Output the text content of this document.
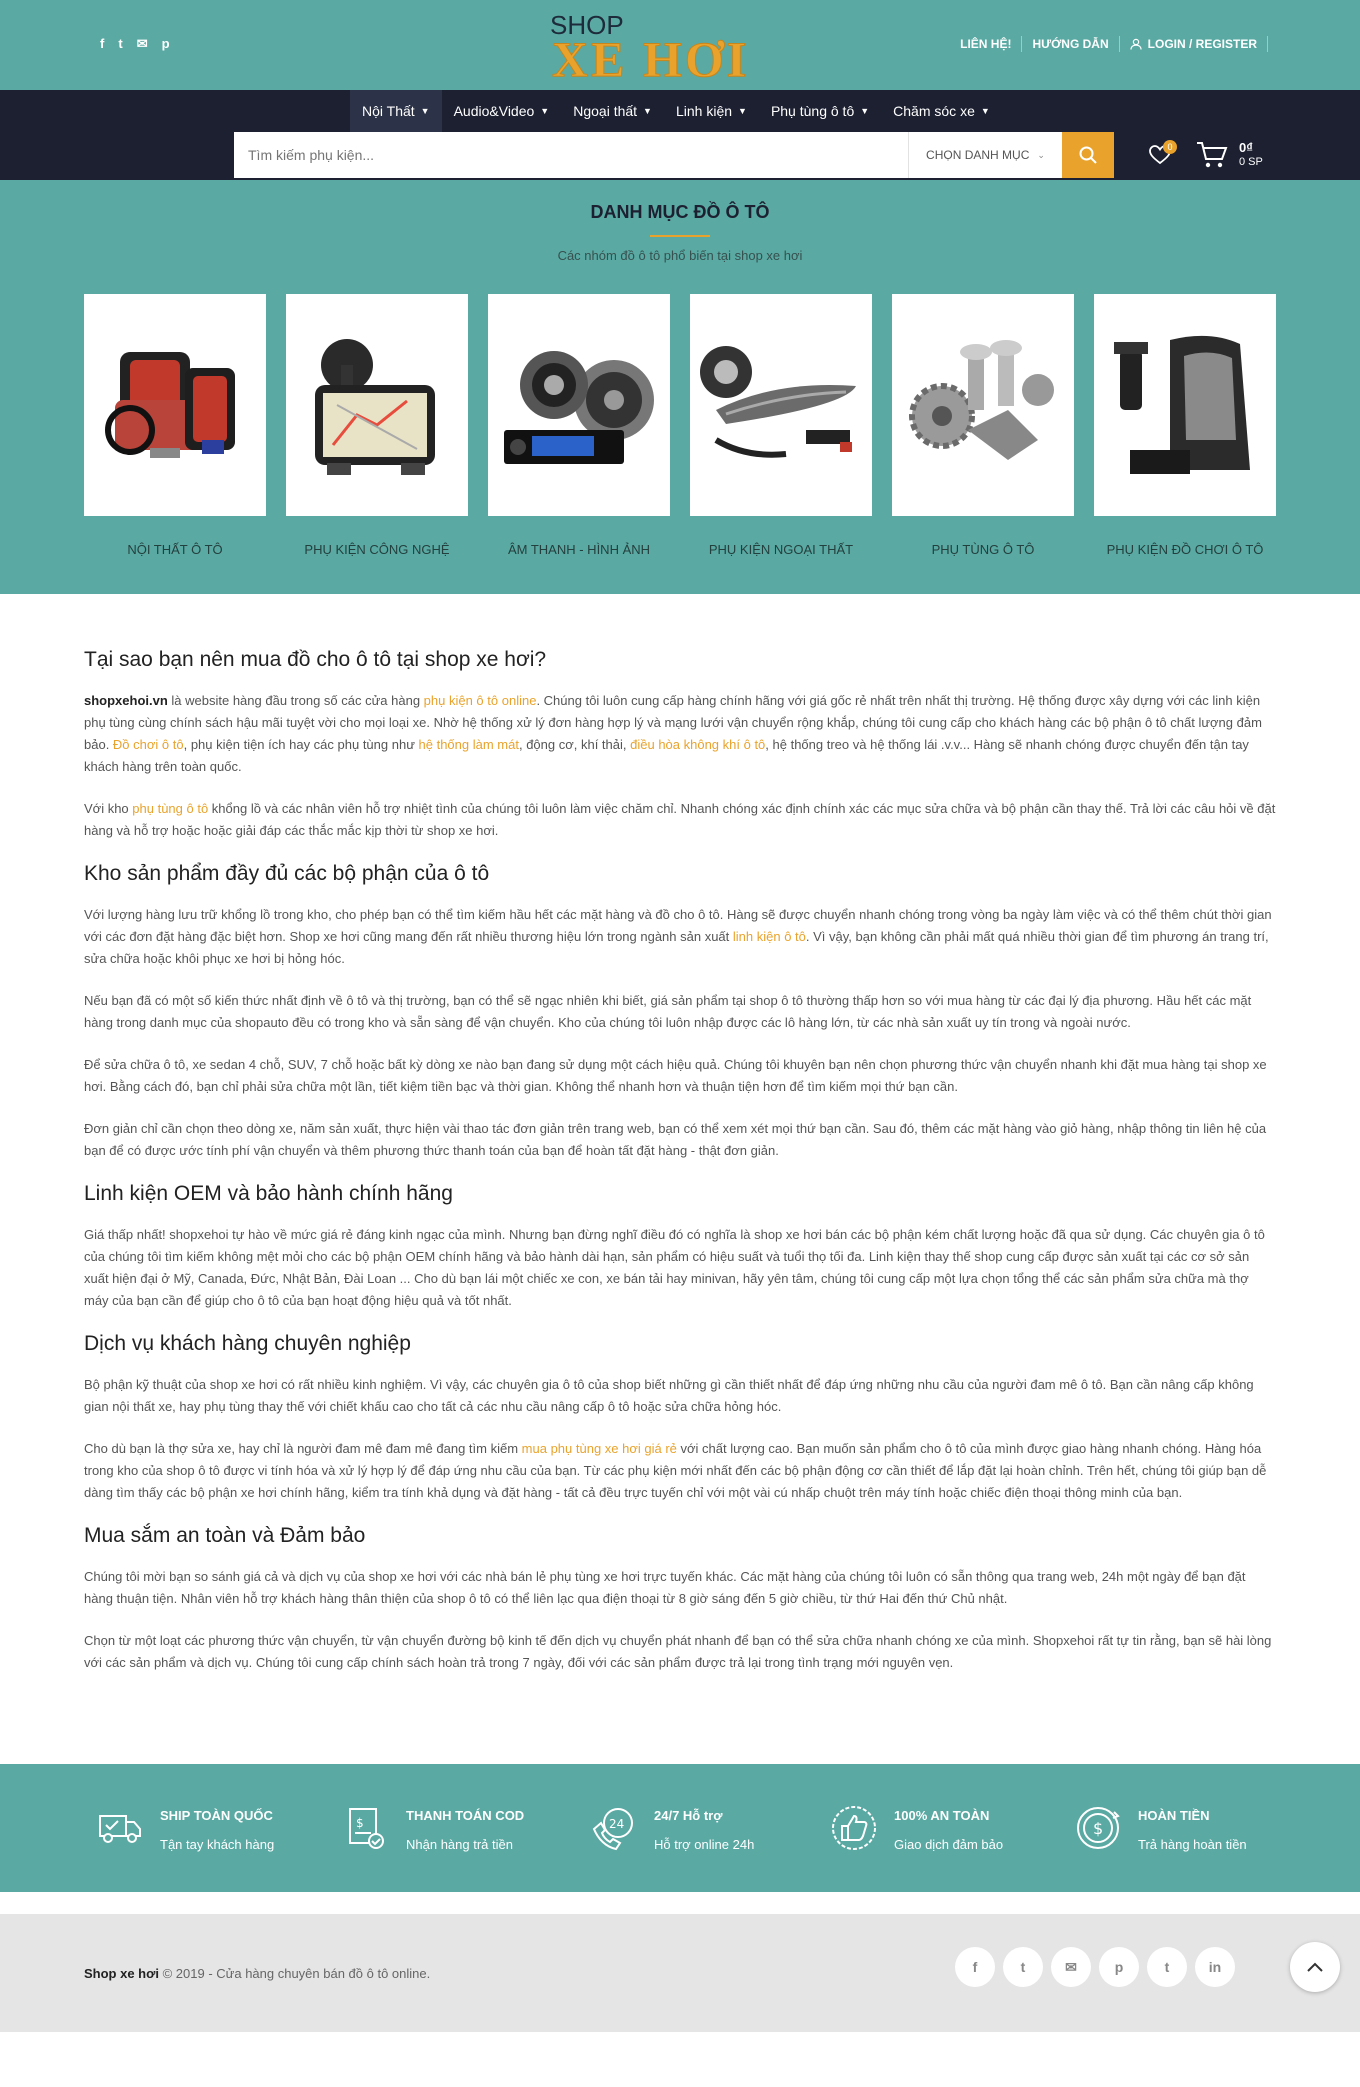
f t ✉ p
SHOP
XE HƠI	LIÊN HỆ! HƯỚNG DẪN	LOGIN / REGISTER
Nội Thất ▼ Audio&Video ▼ Ngoại thất ▼ Linh kiện ▼ Phụ tùng ô tô ▼ Chăm sóc xe ▼
Tìm kiếm phụ kiện...
CHỌN DANH MỤC ⌄
0	0₫
0 SP
DANH MỤC ĐỒ Ô TÔ
Các nhóm đồ ô tô phổ biến tại shop xe hơi
NỘI THẤT Ô TÔ	PHỤ KIỆN CÔNG NGHỆ	ÂM THANH - HÌNH ẢNH	PHỤ KIỆN NGOẠI THẤT	PHỤ TÙNG Ô TÔ	PHỤ KIỆN ĐỒ CHƠI Ô TÔ
Tại sao bạn nên mua đồ cho ô tô tại shop xe hơi?

shopxehoi.vn là website hàng đầu trong số các cửa hàng phụ kiện ô tô online. Chúng tôi luôn cung cấp hàng chính hãng với giá gốc rẻ nhất trên nhất thị trường. Hệ thống được xây dựng với các linh kiện phụ tùng cùng chính sách hậu mãi tuyệt vời cho mọi loại xe. Nhờ hệ thống xử lý đơn hàng hợp lý và mạng lưới vận chuyển rộng khắp, chúng tôi cung cấp cho khách hàng các bộ phận ô tô chất lượng đảm bảo. Đồ chơi ô tô, phụ kiện tiện ích hay các phụ tùng như hệ thống làm mát, động cơ, khí thải, điều hòa không khí ô tô, hệ thống treo và hệ thống lái .v.v... Hàng sẽ nhanh chóng được chuyển đến tận tay khách hàng trên toàn quốc.

Với kho phụ tùng ô tô khổng lồ và các nhân viên hỗ trợ nhiệt tình của chúng tôi luôn làm việc chăm chỉ. Nhanh chóng xác định chính xác các mục sửa chữa và bộ phận cần thay thế. Trả lời các câu hỏi về đặt hàng và hỗ trợ hoặc hoặc giải đáp các thắc mắc kịp thời từ shop xe hơi.

Kho sản phẩm đầy đủ các bộ phận của ô tô

Với lượng hàng lưu trữ khổng lồ trong kho, cho phép bạn có thể tìm kiếm hầu hết các mặt hàng và đồ cho ô tô. Hàng sẽ được chuyển nhanh chóng trong vòng ba ngày làm việc và có thể thêm chút thời gian với các đơn đặt hàng đặc biệt hơn. Shop xe hơi cũng mang đến rất nhiều thương hiệu lớn trong ngành sản xuất linh kiện ô tô. Vì vậy, bạn không cần phải mất quá nhiều thời gian để tìm phương án trang trí, sửa chữa hoặc khôi phục xe hơi bị hỏng hóc.

Nếu bạn đã có một số kiến thức nhất định về ô tô và thị trường, bạn có thể sẽ ngạc nhiên khi biết, giá sản phẩm tại shop ô tô thường thấp hơn so với mua hàng từ các đại lý địa phương. Hầu hết các mặt hàng trong danh mục của shopauto đều có trong kho và sẵn sàng để vận chuyển. Kho của chúng tôi luôn nhập được các lô hàng lớn, từ các nhà sản xuất uy tín trong và ngoài nước.

Để sửa chữa ô tô, xe sedan 4 chỗ, SUV, 7 chỗ hoặc bất kỳ dòng xe nào bạn đang sử dụng một cách hiệu quả. Chúng tôi khuyên bạn nên chọn phương thức vận chuyển nhanh khi đặt mua hàng tại shop xe hơi. Bằng cách đó, bạn chỉ phải sửa chữa một lần, tiết kiệm tiền bạc và thời gian. Không thể nhanh hơn và thuận tiện hơn để tìm kiếm mọi thứ bạn cần.

Đơn giản chỉ cần chọn theo dòng xe, năm sản xuất, thực hiện vài thao tác đơn giản trên trang web, bạn có thể xem xét mọi thứ bạn cần. Sau đó, thêm các mặt hàng vào giỏ hàng, nhập thông tin liên hệ của bạn để có được ước tính phí vận chuyển và thêm phương thức thanh toán của bạn để hoàn tất đặt hàng - thật đơn giản.

Linh kiện OEM và bảo hành chính hãng

Giá thấp nhất! shopxehoi tự hào về mức giá rẻ đáng kinh ngạc của mình. Nhưng bạn đừng nghĩ điều đó có nghĩa là shop xe hơi bán các bộ phận kém chất lượng hoặc đã qua sử dụng. Các chuyên gia ô tô của chúng tôi tìm kiếm không mệt mỏi cho các bộ phận OEM chính hãng và bảo hành dài hạn, sản phẩm có hiệu suất và tuổi thọ tối đa. Linh kiện thay thế shop cung cấp được sản xuất tại các cơ sở sản xuất hiện đại ở Mỹ, Canada, Đức, Nhật Bản, Đài Loan ... Cho dù bạn lái một chiếc xe con, xe bán tải hay minivan, hãy yên tâm, chúng tôi cung cấp một lựa chọn tổng thể các sản phẩm sửa chữa mà thợ máy của bạn cần để giúp cho ô tô của bạn hoạt động hiệu quả và tốt nhất.

Dịch vụ khách hàng chuyên nghiệp

Bộ phận kỹ thuật của shop xe hơi có rất nhiều kinh nghiệm. Vì vậy, các chuyên gia ô tô của shop biết những gì cần thiết nhất để đáp ứng những nhu cầu của người đam mê ô tô. Bạn cần nâng cấp không gian nội thất xe, hay phụ tùng thay thế với chiết khấu cao cho tất cả các nhu cầu nâng cấp ô tô hoặc sửa chữa hỏng hóc.

Cho dù bạn là thợ sửa xe, hay chỉ là người đam mê đam mê đang tìm kiếm mua phụ tùng xe hơi giá rẻ với chất lượng cao. Bạn muốn sản phẩm cho ô tô của mình được giao hàng nhanh chóng. Hàng hóa trong kho của shop ô tô được vi tính hóa và xử lý hợp lý để đáp ứng nhu cầu của bạn. Từ các phụ kiện mới nhất đến các bộ phận động cơ cần thiết để lắp đặt lại hoàn chỉnh. Trên hết, chúng tôi giúp bạn dễ dàng tìm thấy các bộ phận xe hơi chính hãng, kiểm tra tính khả dụng và đặt hàng - tất cả đều trực tuyến chỉ với một vài cú nhấp chuột trên máy tính hoặc chiếc điện thoại thông minh của bạn.

Mua sắm an toàn và Đảm bảo

Chúng tôi mời bạn so sánh giá cả và dịch vụ của shop xe hơi với các nhà bán lẻ phụ tùng xe hơi trực tuyến khác. Các mặt hàng của chúng tôi luôn có sẵn thông qua trang web, 24h một ngày để bạn đặt hàng thuận tiện. Nhân viên hỗ trợ khách hàng thân thiện của shop ô tô có thể liên lạc qua điện thoại từ 8 giờ sáng đến 5 giờ chiều, từ thứ Hai đến thứ Chủ nhật.

Chọn từ một loạt các phương thức vận chuyển, từ vận chuyển đường bộ kinh tế đến dịch vụ chuyển phát nhanh để bạn có thể sửa chữa nhanh chóng xe của mình. Shopxehoi rất tự tin rằng, bạn sẽ hài lòng với các sản phẩm và dịch vụ. Chúng tôi cung cấp chính sách hoàn trả trong 7 ngày, đối với các sản phẩm được trả lại trong tình trạng mới nguyên vẹn.

SHIP TOÀN QUỐC
Tận tay khách hàng
$	THANH TOÁN COD
Nhận hàng trả tiền
24
24/7 Hỗ trợ
Hỗ trợ online 24h
100% AN TOÀN
Giao dịch đảm bảo
$
HOÀN TIỀN
Trả hàng hoàn tiền
Shop xe hơi © 2019 - Cửa hàng chuyên bán đồ ô tô online.	f	t	✉	p	t	in
